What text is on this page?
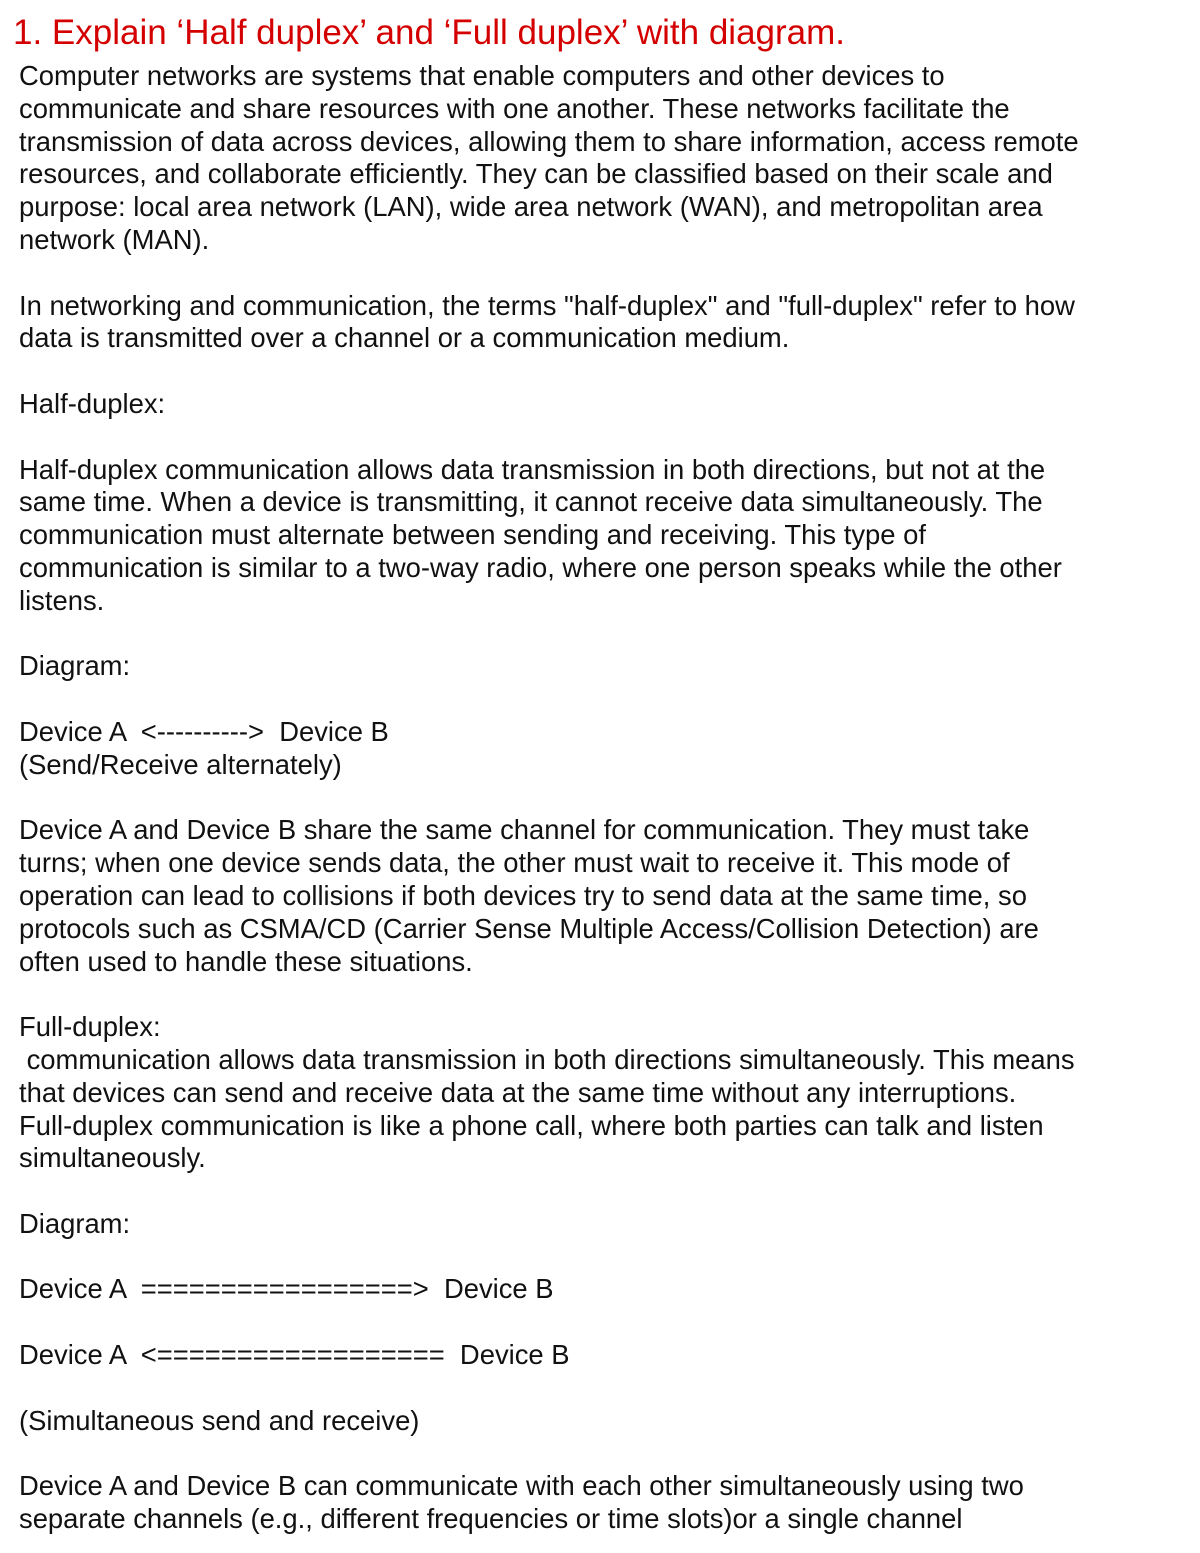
1. Explain ‘Half duplex’ and ‘Full duplex’ with diagram.

Computer networks are systems that enable computers and other devices to

communicate and share resources with one another. These networks facilitate the

transmission of data across devices, allowing them to share information, access remote

resources, and collaborate efficiently. They can be classified based on their scale and

purpose: local area network (LAN), wide area network (WAN), and metropolitan area

network (MAN).

In networking and communication, the terms "half-duplex" and "full-duplex" refer to how

data is transmitted over a channel or a communication medium.

Half-duplex:

Half-duplex communication allows data transmission in both directions, but not at the

same time. When a device is transmitting, it cannot receive data simultaneously. The

communication must alternate between sending and receiving. This type of

communication is similar to a two-way radio, where one person speaks while the other

listens.

Diagram:

Device A  <---------->  Device B

(Send/Receive alternately)

Device A and Device B share the same channel for communication. They must take

turns; when one device sends data, the other must wait to receive it. This mode of

operation can lead to collisions if both devices try to send data at the same time, so

protocols such as CSMA/CD (Carrier Sense Multiple Access/Collision Detection) are

often used to handle these situations.

Full-duplex:

communication allows data transmission in both directions simultaneously. This means

that devices can send and receive data at the same time without any interruptions.

Full-duplex communication is like a phone call, where both parties can talk and listen

simultaneously.

Diagram:

Device A  =================>  Device B

Device A  <==================  Device B

(Simultaneous send and receive)

Device A and Device B can communicate with each other simultaneously using two

separate channels (e.g., different frequencies or time slots)or a single channel
